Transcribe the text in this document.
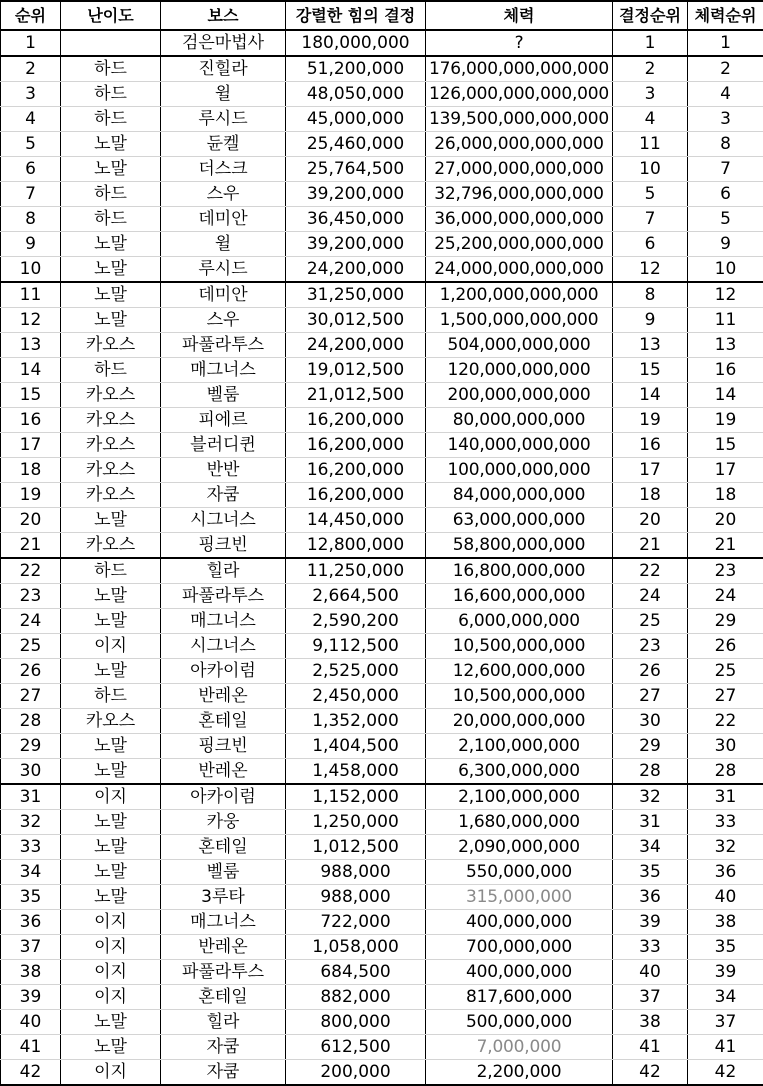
순위	난이도	보스	강렬한 힘의 결정	체력	결정순위	체력순위
1		검은마법사	180,000,000	?	1	1
2	하드	진힐라	51,200,000	176,000,000,000,000	2	2
3	하드	윌	48,050,000	126,000,000,000,000	3	4
4	하드	루시드	45,000,000	139,500,000,000,000	4	3
5	노말	듄켈	25,460,000	26,000,000,000,000	11	8
6	노말	더스크	25,764,500	27,000,000,000,000	10	7
7	하드	스우	39,200,000	32,796,000,000,000	5	6
8	하드	데미안	36,450,000	36,000,000,000,000	7	5
9	노말	윌	39,200,000	25,200,000,000,000	6	9
10	노말	루시드	24,200,000	24,000,000,000,000	12	10
11	노말	데미안	31,250,000	1,200,000,000,000	8	12
12	노말	스우	30,012,500	1,500,000,000,000	9	11
13	카오스	파풀라투스	24,200,000	504,000,000,000	13	13
14	하드	매그너스	19,012,500	120,000,000,000	15	16
15	카오스	벨룸	21,012,500	200,000,000,000	14	14
16	카오스	피에르	16,200,000	80,000,000,000	19	19
17	카오스	블러디퀸	16,200,000	140,000,000,000	16	15
18	카오스	반반	16,200,000	100,000,000,000	17	17
19	카오스	자쿰	16,200,000	84,000,000,000	18	18
20	노말	시그너스	14,450,000	63,000,000,000	20	20
21	카오스	핑크빈	12,800,000	58,800,000,000	21	21
22	하드	힐라	11,250,000	16,800,000,000	22	23
23	노말	파풀라투스	2,664,500	16,600,000,000	24	24
24	노말	매그너스	2,590,200	6,000,000,000	25	29
25	이지	시그너스	9,112,500	10,500,000,000	23	26
26	노말	아카이럼	2,525,000	12,600,000,000	26	25
27	하드	반레온	2,450,000	10,500,000,000	27	27
28	카오스	혼테일	1,352,000	20,000,000,000	30	22
29	노말	핑크빈	1,404,500	2,100,000,000	29	30
30	노말	반레온	1,458,000	6,300,000,000	28	28
31	이지	아카이럼	1,152,000	2,100,000,000	32	31
32	노말	카웅	1,250,000	1,680,000,000	31	33
33	노말	혼테일	1,012,500	2,090,000,000	34	32
34	노말	벨룸	988,000	550,000,000	35	36
35	노말	3루타	988,000	315,000,000	36	40
36	이지	매그너스	722,000	400,000,000	39	38
37	이지	반레온	1,058,000	700,000,000	33	35
38	이지	파풀라투스	684,500	400,000,000	40	39
39	이지	혼테일	882,000	817,600,000	37	34
40	노말	힐라	800,000	500,000,000	38	37
41	노말	자쿰	612,500	7,000,000	41	41
42	이지	자쿰	200,000	2,200,000	42	42
